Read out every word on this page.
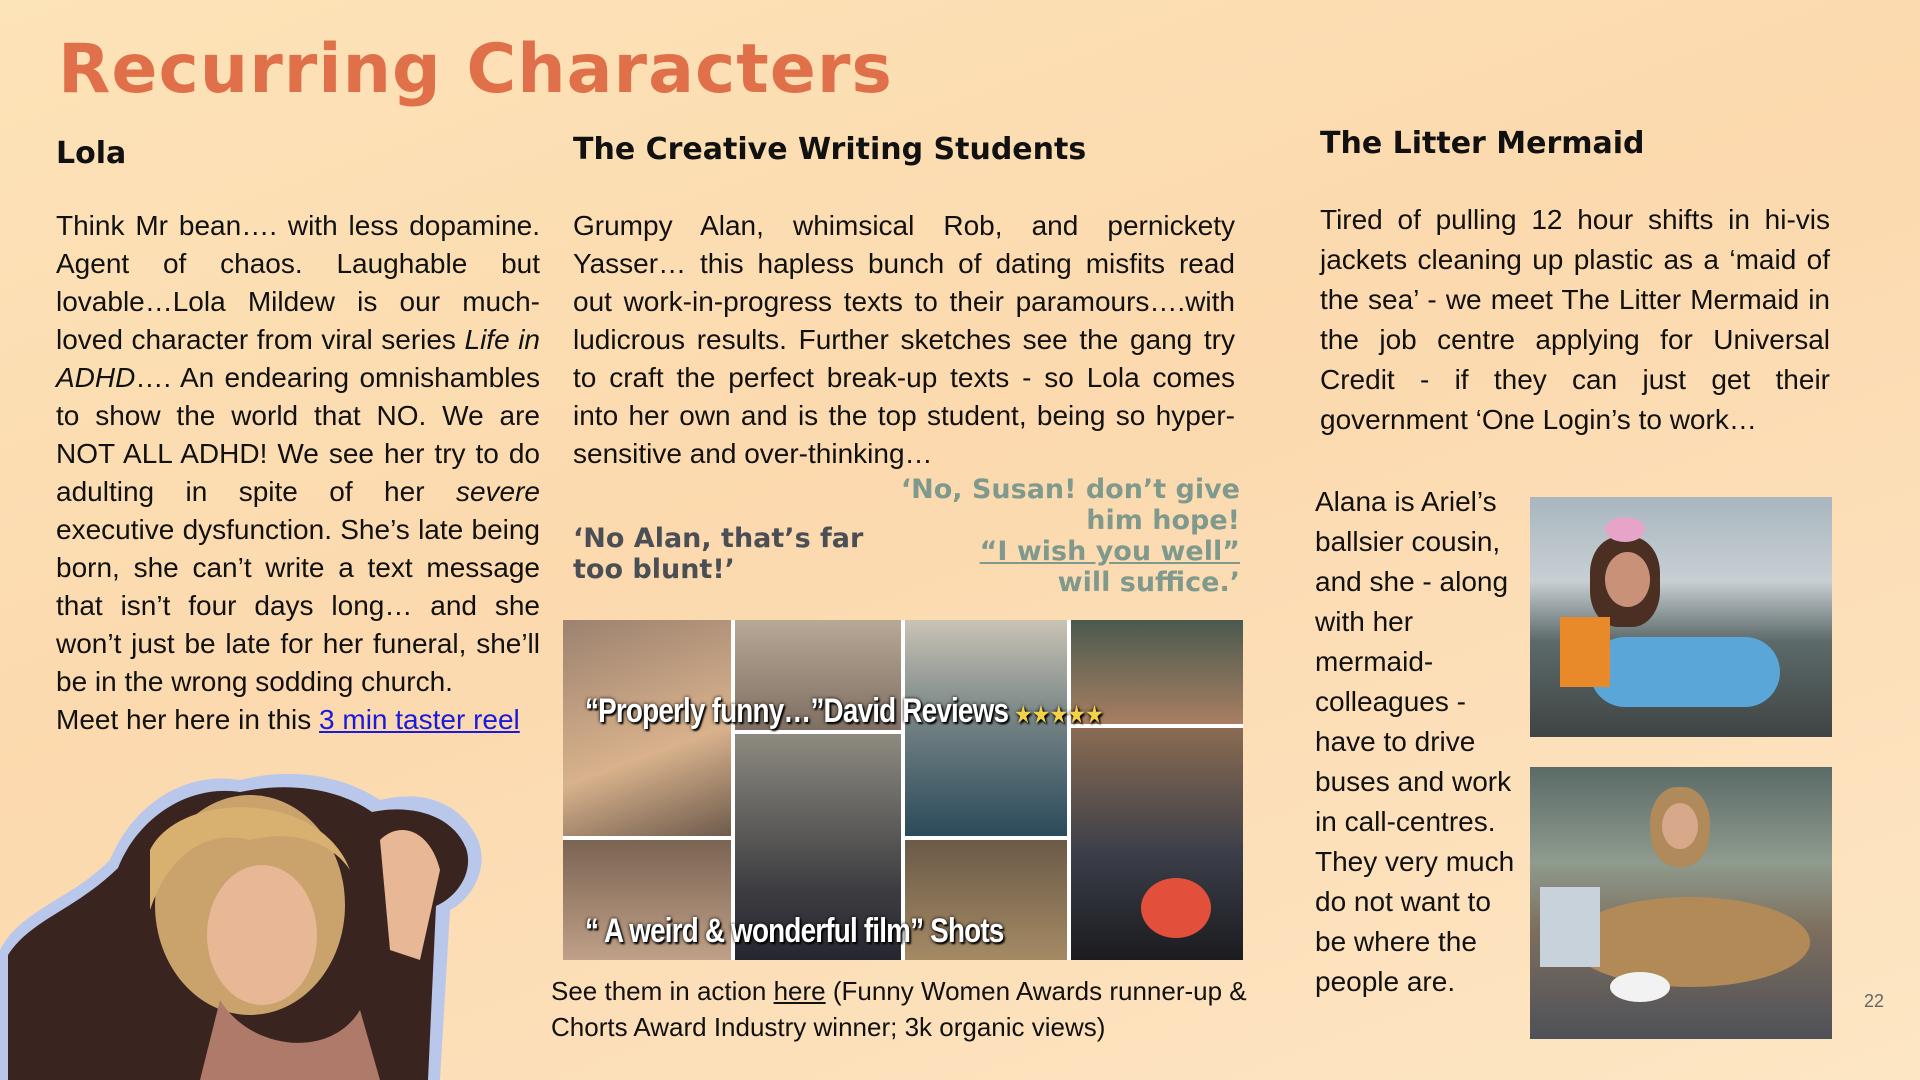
Recurring Characters
Lola

Think Mr bean…. with less dopamine. Agent of chaos. Laughable but lovable…Lola Mildew is our much-loved character from viral series Life in ADHD…. An endearing omnishambles to show the world that NO. We are NOT ALL ADHD! We see her try to do adulting in spite of her severe executive dysfunction. She’s late being born, she can’t write a text message that isn’t four days long… and she won’t just be late for her funeral, she’ll be in the wrong sodding church.

Meet her here in this 3 min taster reel

The Creative Writing Students

Grumpy Alan, whimsical Rob, and pernickety Yasser… this hapless bunch of dating misfits read out work-in-progress texts to their paramours….with ludicrous results. Further sketches see the gang try to craft the perfect break-up texts - so Lola comes into her own and is the top student, being so hyper-sensitive and over-thinking…

‘No Alan, that’s far too blunt!’
‘No, Susan! don’t give him hope!
“I wish you well”
will suffice.’
“Properly funny…”David Reviews ★★★★★
“ A weird & wonderful film” Shots
See them in action here (Funny Women Awards runner-up & Chorts Award Industry winner; 3k organic views)
The Litter Mermaid

Tired of pulling 12 hour shifts in hi-vis jackets cleaning up plastic as a ‘maid of the sea’ - we meet The Litter Mermaid in the job centre applying for Universal Credit - if they can just get their government ‘One Login’s to work…

Alana is Ariel’s ballsier cousin, and she - along with her mermaid-colleagues - have to drive buses and work in call-centres. They very much do not want to be where the people are.

22
